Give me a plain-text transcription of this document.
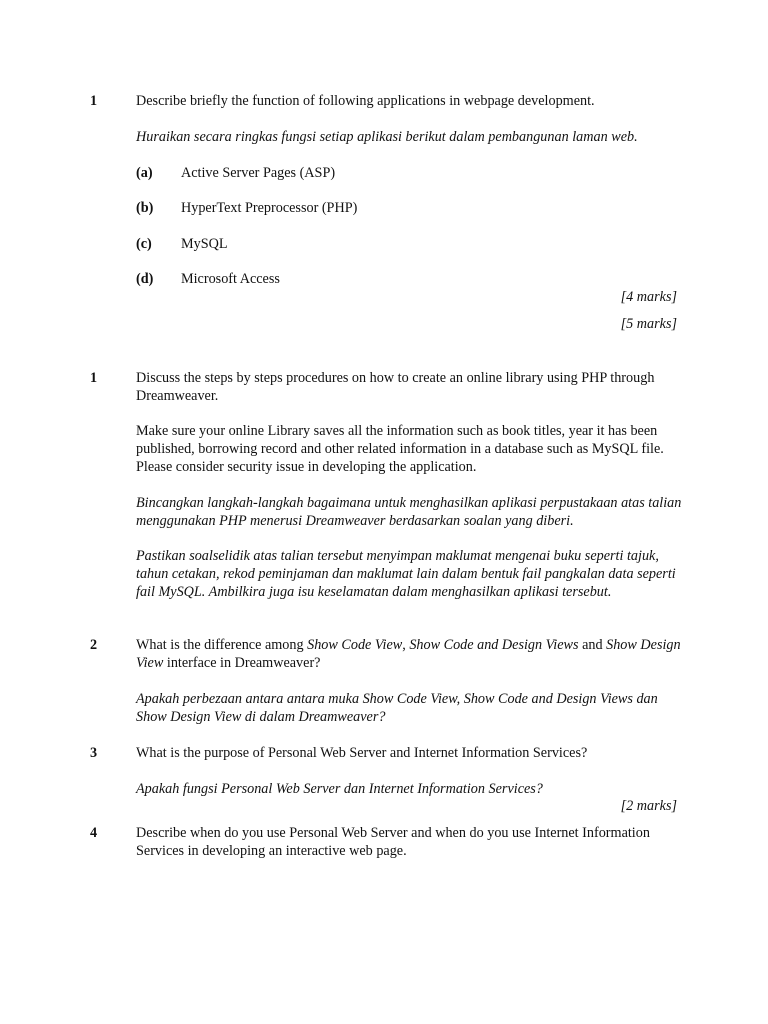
1	Describe briefly the function of following applications in webpage development.
Huraikan secara ringkas fungsi setiap aplikasi berikut dalam pembangunan laman web.
(a) Active Server Pages (ASP)
(b) HyperText Preprocessor (PHP)
(c) MySQL
(d) Microsoft Access
[4 marks]
[5 marks]
1	Discuss the steps by steps procedures on how to create an online library using PHP through Dreamweaver.
Make sure your online Library saves all the information such as book titles, year it has been published, borrowing record and other related information in a database such as MySQL file. Please consider security issue in developing the application.
Bincangkan langkah-langkah bagaimana untuk menghasilkan aplikasi perpustakaan atas talian menggunakan PHP menerusi Dreamweaver berdasarkan soalan yang diberi.
Pastikan soalselidik atas talian tersebut menyimpan maklumat mengenai buku seperti tajuk, tahun cetakan, rekod peminjaman dan maklumat lain dalam bentuk fail pangkalan data seperti fail MySQL. Ambilkira juga isu keselamatan dalam menghasilkan aplikasi tersebut.
2	What is the difference among Show Code View, Show Code and Design Views and Show Design View interface in Dreamweaver?
Apakah perbezaan antara antara muka Show Code View, Show Code and Design Views dan Show Design View di dalam Dreamweaver?
3	What is the purpose of Personal Web Server and Internet Information Services?
Apakah fungsi Personal Web Server dan Internet Information Services?
[2 marks]
4	Describe when do you use Personal Web Server and when do you use Internet Information Services in developing an interactive web page.
